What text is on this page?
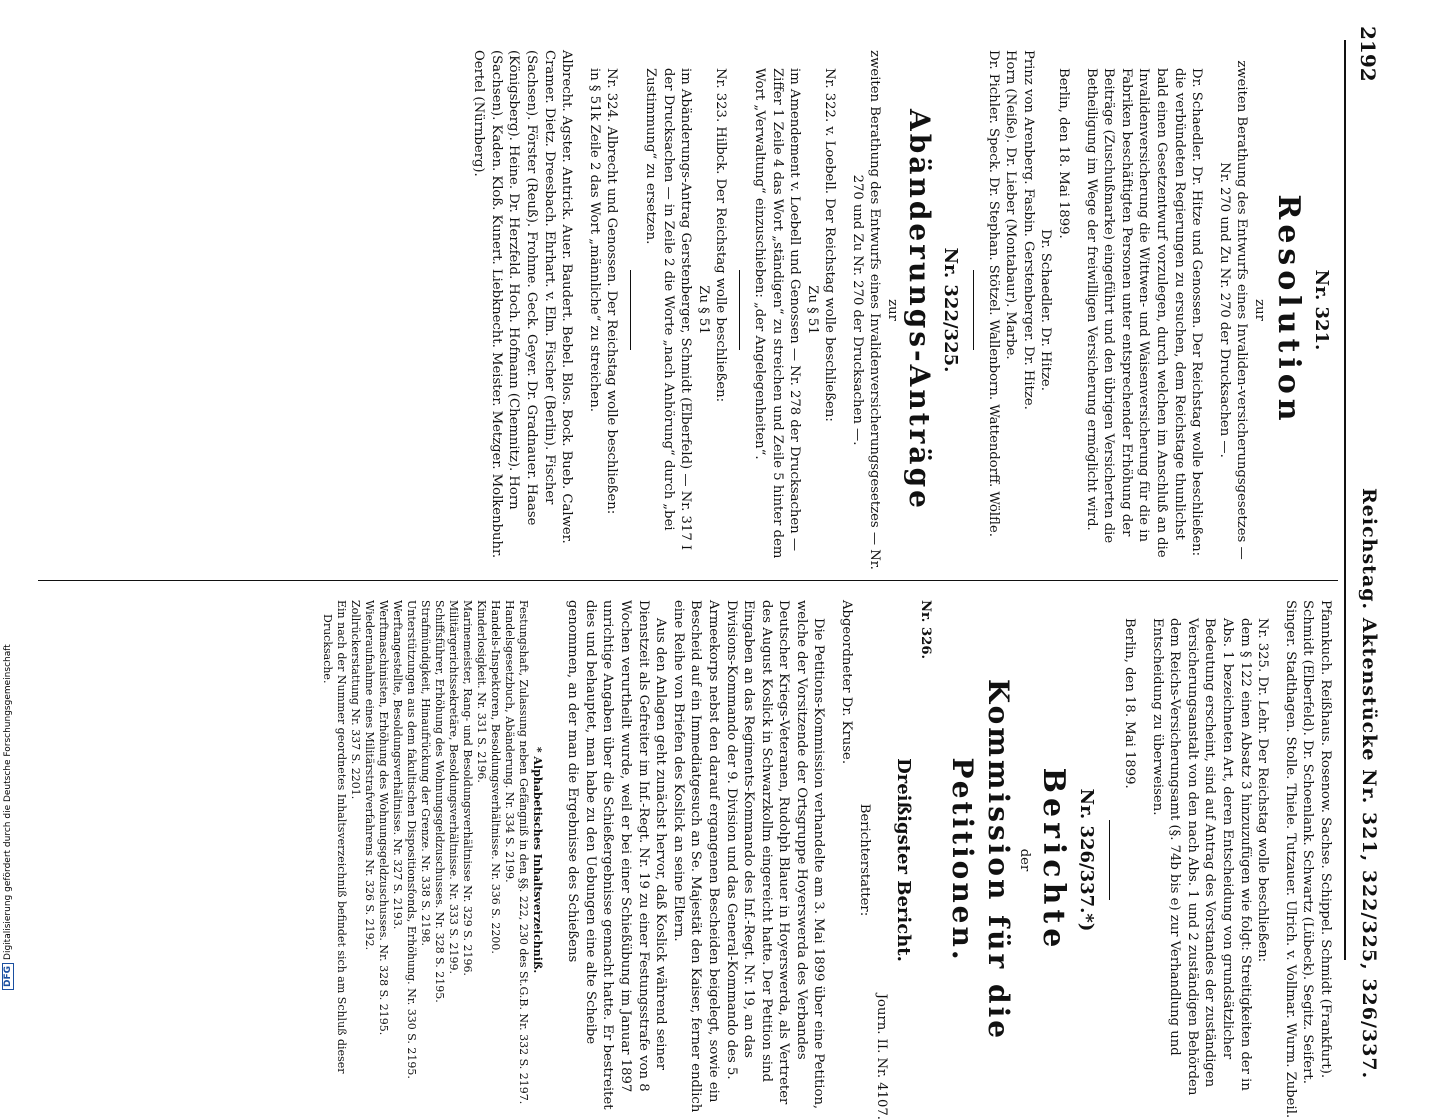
2192
Reichstag. Aktenstücke Nr. 321, 322/325, 326/337.

Nr. 321.

Resolution

zur

zweiten Berathung des Entwurfs eines Invaliden-versicherungsgesetzes — Nr. 270 und Zu Nr. 270 der Drucksachen —.

Dr. Schaedler. Dr. Hitze und Genossen. Der Reichstag wolle beschließen:

die verbündeten Regierungen zu ersuchen, dem Reichstage thunlichst bald einen Gesetzentwurf vorzulegen, durch welchen im Anschluß an die Invalidenversicherung die Wittwen- und Waisenversicherung für die in Fabriken beschäftigten Personen unter entsprechender Erhöhung der Beiträge (Zuschußmarke) eingeführt und den übrigen Versicherten die Betheiligung im Wege der freiwilligen Versicherung ermöglicht wird.

Berlin, den 18. Mai 1899.

Dr. Schaedler. Dr. Hitze.

Prinz von Arenberg. Fasbin. Gerstenberger. Dr. Hitze.

Horn (Neiße). Dr. Lieber (Montabaur). Marbe.

Dr. Pichler. Speck. Dr. Stephan. Stötzel. Wallenborn. Wattendorff. Wölfle.

Nr. 322/325.

Abänderungs-Anträge

zur

zweiten Berathung des Entwurfs eines Invalidenversicherungsgesetzes — Nr. 270 und Zu Nr. 270 der Drucksachen —.

Nr. 322. v. Loebell. Der Reichstag wolle beschließen:

Zu § 51

im Amendement v. Loebell und Genossen — Nr. 278 der Drucksachen — Ziffer 1 Zeile 4 das Wort „ständigen“ zu streichen und Zeile 5 hinter dem Wort „Verwaltung“ einzuschieben: „der Angelegenheiten“.

Nr. 323. Hilbck. Der Reichstag wolle beschließen:

Zu § 51

im Abänderungs-Antrag Gerstenberger, Schmidt (Elberfeld) — Nr. 317 I der Drucksachen — in Zeile 2 die Worte „nach Anhörung“ durch „bei Zustimmung“ zu ersetzen.

Nr. 324. Albrecht und Genossen. Der Reichstag wolle beschließen:

in § 51k Zeile 2 das Wort „männliche“ zu streichen.

Albrecht. Agster. Antrick. Auer. Baudert. Bebel. Blos. Bock. Bueb. Calwer. Cramer. Dietz. Dreesbach. Ehrhart. v. Elm. Fischer (Berlin). Fischer (Sachsen). Förster (Reuß). Frohme. Geck. Geyer. Dr. Gradnauer. Haase (Königsberg). Heine. Dr. Herzfeld. Hoch. Hofmann (Chemnitz). Horn (Sachsen). Kaden. Kloß. Kunert. Liebknecht. Meister. Metzger. Molkenbuhr. Oertel (Nürnberg).

Pfannkuch. Reißhaus. Rosenow. Sachse. Schippel. Schmidt (Frankfurt). Schmidt (Elberfeld). Dr. Schoenlank. Schwartz (Lübeck). Segitz. Seifert. Singer. Stadthagen. Stolle. Thiele. Tutzauer. Ulrich. v. Vollmar. Wurm. Zubeil.

Nr. 325. Dr. Lehr. Der Reichstag wolle beschließen:

dem § 122 einen Absatz 3 hinzuzufügen wie folgt: Streitigkeiten der in Abs. 1 bezeichneten Art, deren Entscheidung von grundsätzlicher Bedeutung erscheint, sind auf Antrag des Vorstandes der zuständigen Versicherungsanstalt von den nach Abs. 1 und 2 zuständigen Behörden dem Reichs-Versicherungsamt (§. 74b bis e) zur Verhandlung und Entscheidung zu überweisen.

Berlin, den 18. Mai 1899.

Nr. 326/337.*)

Berichte

der

Kommission für die Petitionen.

Nr. 326.

Dreißigster Bericht.

Journ. II. Nr. 4107.

Berichterstatter:

Abgeordneter Dr. Kruse.

Die Petitions-Kommission verhandelte am 3. Mai 1899 über eine Petition, welche der Vorsitzende der Ortsgruppe Hoyerswerda des Verbandes Deutscher Kriegs-Veteranen, Rudolph Blauer in Hoyerswerda, als Vertreter des August Koslick in Schwarzkollm eingereicht hatte. Der Petition sind Eingaben an das Regiments-Kommando des Inf.-Regt. Nr. 19, an das Divisions-Kommando der 9. Division und das General-Kommando des 5. Armeekorps nebst den darauf ergangenen Bescheiden beigelegt, sowie ein Bescheid auf ein Immediatgesuch an Se. Majestät den Kaiser, ferner endlich eine Reihe von Briefen des Koslick an seine Eltern.

Aus den Anlagen geht zunächst hervor, daß Koslick während seiner Dienstzeit als Gefreiter im Inf.-Regt. Nr. 19 zu einer Festungsstrafe von 8 Wochen verurtheilt wurde, weil er bei einer Schießübung im Januar 1897 unrichtige Angaben über die Schießergebnisse gemacht hatte. Er bestreitet dies und behauptet, man habe zu den Uebungen eine alte Scheibe genommen, an der man die Ergebnisse des Schießens

* Alphabetisches Inhaltsverzeichniß.

Festungshaft, Zulassung neben Gefängniß in den §§. 222, 230 des St.G.B. Nr. 332 S. 2197.

Handelsgesetzbuch, Abänderung. Nr. 334 S. 2199.

Handels-Inspektoren, Besoldungsverhältnisse. Nr. 336 S. 2200.

Kinderlosigkeit. Nr. 331 S. 2196.

Marinemeister, Rang- und Besoldungsverhältnisse Nr. 329 S. 2196.

Militärgerichtssekretäre, Besoldungsverhältnisse. Nr. 333 S. 2199.

Schiffsführer, Erhöhung des Wohnungsgeldzuschusses. Nr. 328 S. 2195.

Strafmündigkeit, Hinaufrückung der Grenze. Nr. 338 S. 2198.

Unterstützungen aus dem fakultischen Dispositionsfonds, Erhöhung. Nr. 330 S. 2195.

Werftangestellte, Besoldungsverhältnisse. Nr. 327 S. 2193.

Werftmaschinisten, Erhöhung des Wohnungsgeldzuschusses. Nr. 328 S. 2195.

Wiederaufnahme eines Militärstrafverfahrens Nr. 326 S. 2192.

Zollrückerstattung Nr. 337 S. 2201.

Ein nach der Nummer geordnetes Inhaltsverzeichniß befindet sich am Schluß dieser Drucksache.

DFGDigitalisierung gefördert durch die Deutsche Forschungsgemeinschaft
